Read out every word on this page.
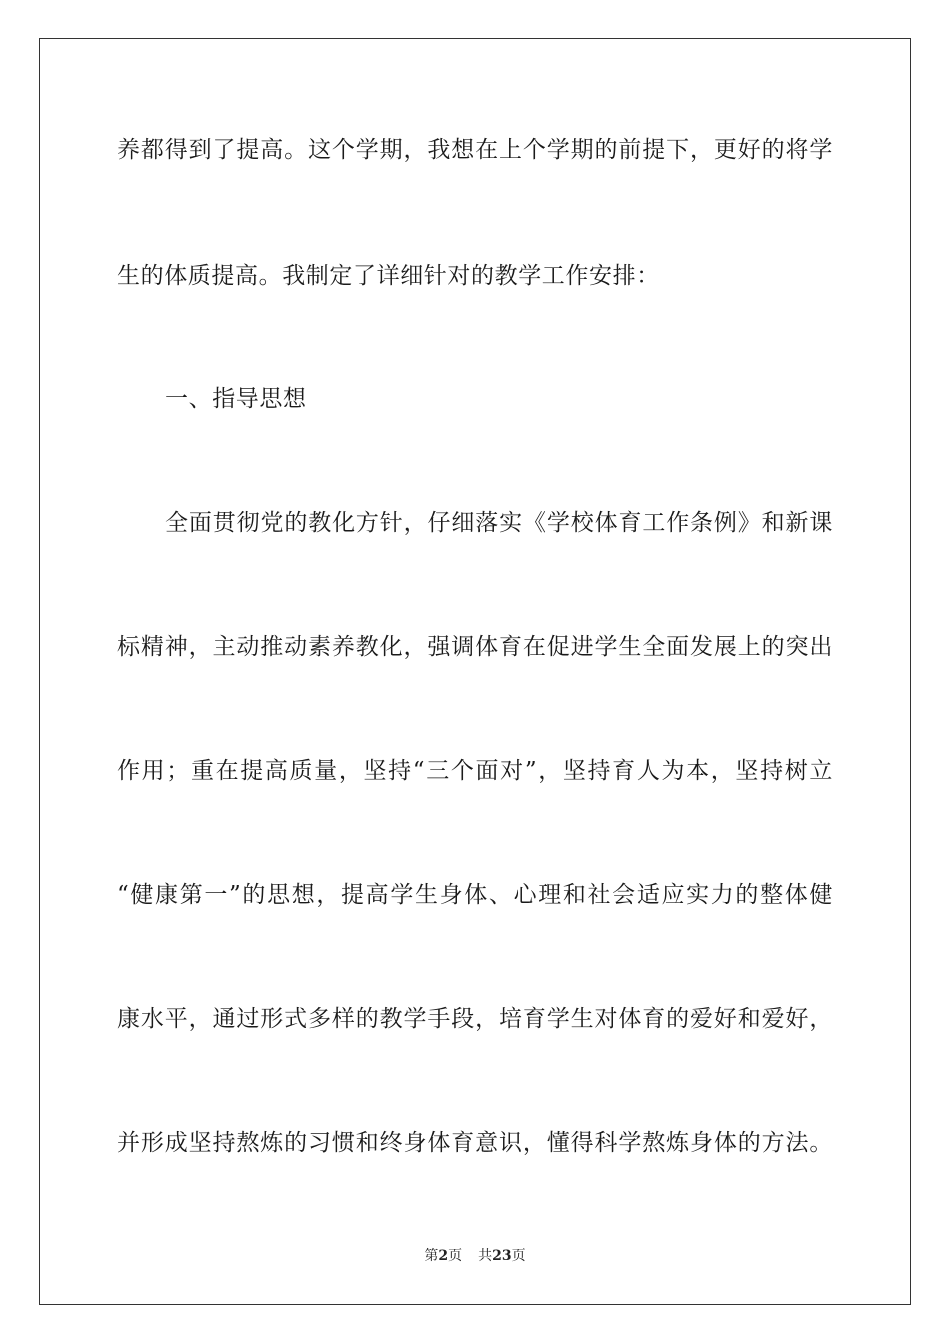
养都得到了提高。这个学期，我想在上个学期的前提下，更好的将学
生的体质提高。我制定了详细针对的教学工作安排：
一、指导思想
全面贯彻党的教化方针，仔细落实《学校体育工作条例》和新课
标精神，主动推动素养教化，强调体育在促进学生全面发展上的突出
作用；重在提高质量，坚持“三个面对”，坚持育人为本，坚持树立
“健康第一”的思想，提高学生身体、心理和社会适应实力的整体健
康水平，通过形式多样的教学手段，培育学生对体育的爱好和爱好，
并形成坚持熬炼的习惯和终身体育意识，懂得科学熬炼身体的方法。
第2页 共23页
